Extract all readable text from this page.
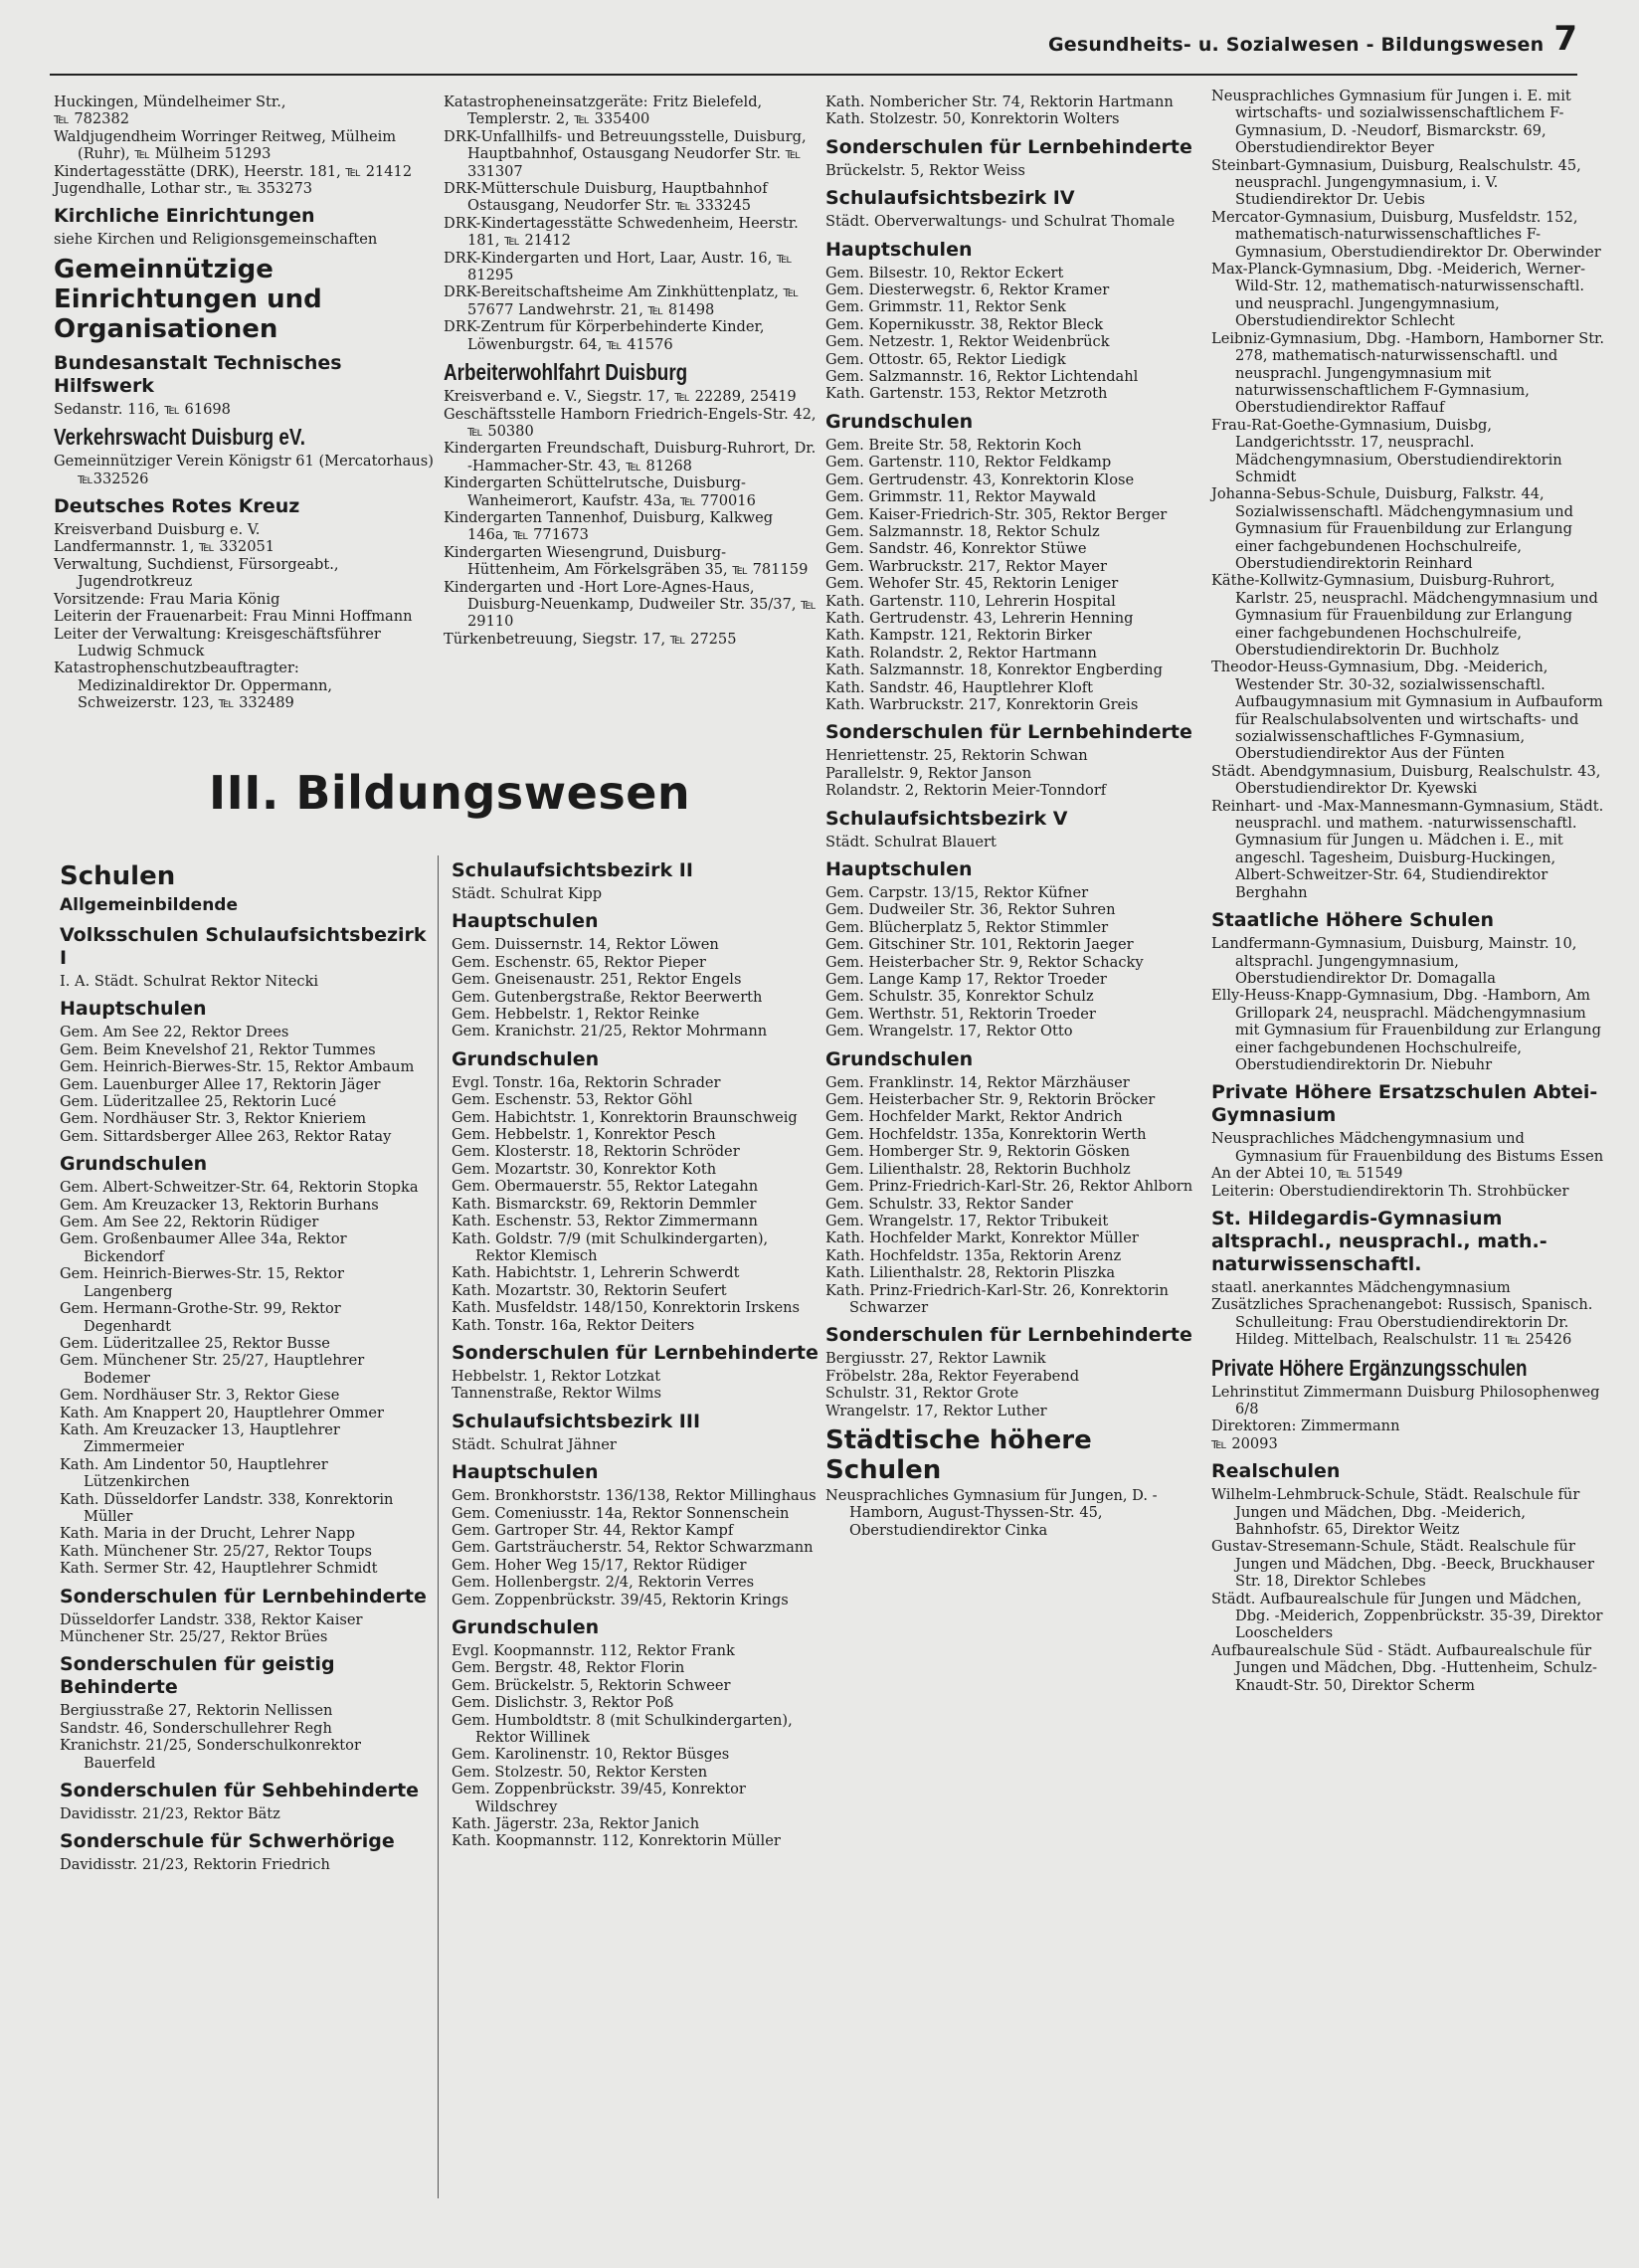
Gesundheits- u. Sozialwesen - Bildungswesen 7
Huckingen, Mündelheimer Str.,
℡ 782382
Waldjugendheim Worringer Reitweg, Mülheim (Ruhr), ℡ Mülheim 51293
Kindertagesstätte (DRK), Heerstr. 181, ℡ 21412
Jugendhalle, Lothar str., ℡ 353273
Kirchliche Einrichtungen
siehe Kirchen und Religionsgemeinschaften
Gemeinnützige Einrichtungen und Organisationen
Bundesanstalt Technisches Hilfswerk
Sedanstr. 116, ℡ 61698
Verkehrswacht Duisburg eV.
Gemeinnütziger Verein Königstr 61 (Mercatorhaus) ℡332526
Deutsches Rotes Kreuz
Kreisverband Duisburg e. V.
Landfermannstr. 1, ℡ 332051
Verwaltung, Suchdienst, Fürsorgeabt., Jugendrotkreuz
Vorsitzende: Frau Maria König
Leiterin der Frauenarbeit: Frau Minni Hoffmann
Leiter der Verwaltung: Kreisgeschäftsführer Ludwig Schmuck
Katastrophenschutzbeauftragter: Medizinaldirektor Dr. Oppermann, Schweizerstr. 123, ℡ 332489
Katastropheneinsatzgeräte: Fritz Bielefeld, Templerstr. 2, ℡ 335400
DRK-Unfallhilfs- und Betreuungsstelle, Duisburg, Hauptbahnhof, Ostausgang Neudorfer Str. ℡ 331307
DRK-Mütterschule Duisburg, Hauptbahnhof Ostausgang, Neudorfer Str. ℡ 333245
DRK-Kindertagesstätte Schwedenheim, Heerstr. 181, ℡ 21412
DRK-Kindergarten und Hort, Laar, Austr. 16, ℡ 81295
DRK-Bereitschaftsheime Am Zinkhüttenplatz, ℡ 57677 Landwehrstr. 21, ℡ 81498
DRK-Zentrum für Körperbehinderte Kinder, Löwenburgstr. 64, ℡ 41576
Arbeiterwohlfahrt Duisburg
Kreisverband e. V., Siegstr. 17, ℡ 22289, 25419
Geschäftsstelle Hamborn Friedrich-Engels-Str. 42, ℡ 50380
Kindergarten Freundschaft, Duisburg-Ruhrort, Dr. -Hammacher-Str. 43, ℡ 81268
Kindergarten Schüttelrutsche, Duisburg-Wanheimerort, Kaufstr. 43a, ℡ 770016
Kindergarten Tannenhof, Duisburg, Kalkweg 146a, ℡ 771673
Kindergarten Wiesengrund, Duisburg-Hüttenheim, Am Förkelsgräben 35, ℡ 781159
Kindergarten und -Hort Lore-Agnes-Haus, Duisburg-Neuenkamp, Dudweiler Str. 35/37, ℡ 29110
Türkenbetreuung, Siegstr. 17, ℡ 27255
Kath. Nombericher Str. 74, Rektorin Hartmann
Kath. Stolzestr. 50, Konrektorin Wolters
Sonderschulen für Lernbehinderte
Brückelstr. 5, Rektor Weiss
Schulaufsichtsbezirk IV
Städt. Oberverwaltungs- und Schulrat Thomale
Hauptschulen
Gem. Bilsestr. 10, Rektor Eckert
Gem. Diesterwegstr. 6, Rektor Kramer
Gem. Grimmstr. 11, Rektor Senk
Gem. Kopernikusstr. 38, Rektor Bleck
Gem. Netzestr. 1, Rektor Weidenbrück
Gem. Ottostr. 65, Rektor Liedigk
Gem. Salzmannstr. 16, Rektor Lichtendahl
Kath. Gartenstr. 153, Rektor Metzroth
Grundschulen
Gem. Breite Str. 58, Rektorin Koch
Gem. Gartenstr. 110, Rektor Feldkamp
Gem. Gertrudenstr. 43, Konrektorin Klose
Gem. Grimmstr. 11, Rektor Maywald
Gem. Kaiser-Friedrich-Str. 305, Rektor Berger
Gem. Salzmannstr. 18, Rektor Schulz
Gem. Sandstr. 46, Konrektor Stüwe
Gem. Warbruckstr. 217, Rektor Mayer
Gem. Wehofer Str. 45, Rektorin Leniger
Kath. Gartenstr. 110, Lehrerin Hospital
Kath. Gertrudenstr. 43, Lehrerin Henning
Kath. Kampstr. 121, Rektorin Birker
Kath. Rolandstr. 2, Rektor Hartmann
Kath. Salzmannstr. 18, Konrektor Engberding
Kath. Sandstr. 46, Hauptlehrer Kloft
Kath. Warbruckstr. 217, Konrektorin Greis
Sonderschulen für Lernbehinderte
Henriettenstr. 25, Rektorin Schwan
Parallelstr. 9, Rektor Janson
Rolandstr. 2, Rektorin Meier-Tonndorf
Schulaufsichtsbezirk V
Städt. Schulrat Blauert
Hauptschulen
Gem. Carpstr. 13/15, Rektor Küfner
Gem. Dudweiler Str. 36, Rektor Suhren
Gem. Blücherplatz 5, Rektor Stimmler
Gem. Gitschiner Str. 101, Rektorin Jaeger
Gem. Heisterbacher Str. 9, Rektor Schacky
Gem. Lange Kamp 17, Rektor Troeder
Gem. Schulstr. 35, Konrektor Schulz
Gem. Werthstr. 51, Rektorin Troeder
Gem. Wrangelstr. 17, Rektor Otto
Grundschulen
Gem. Franklinstr. 14, Rektor Märzhäuser
Gem. Heisterbacher Str. 9, Rektorin Bröcker
Gem. Hochfelder Markt, Rektor Andrich
Gem. Hochfeldstr. 135a, Konrektorin Werth
Gem. Homberger Str. 9, Rektorin Gösken
Gem. Lilienthalstr. 28, Rektorin Buchholz
Gem. Prinz-Friedrich-Karl-Str. 26, Rektor Ahlborn
Gem. Schulstr. 33, Rektor Sander
Gem. Wrangelstr. 17, Rektor Tribukeit
Kath. Hochfelder Markt, Konrektor Müller
Kath. Hochfeldstr. 135a, Rektorin Arenz
Kath. Lilienthalstr. 28, Rektorin Pliszka
Kath. Prinz-Friedrich-Karl-Str. 26, Konrektorin Schwarzer
Sonderschulen für Lernbehinderte
Bergiusstr. 27, Rektor Lawnik
Fröbelstr. 28a, Rektor Feyerabend
Schulstr. 31, Rektor Grote
Wrangelstr. 17, Rektor Luther
Städtische höhere Schulen
Neusprachliches Gymnasium für Jungen, D. -Hamborn, August-Thyssen-Str. 45, Oberstudiendirektor Cinka
Neusprachliches Gymnasium für Jungen i. E. mit wirtschafts- und sozialwissenschaftlichem F-Gymnasium, D. -Neudorf, Bismarckstr. 69, Oberstudiendirektor Beyer
Steinbart-Gymnasium, Duisburg, Realschulstr. 45, neusprachl. Jungengymnasium, i. V. Studiendirektor Dr. Uebis
Mercator-Gymnasium, Duisburg, Musfeldstr. 152, mathematisch-naturwissenschaftliches F-Gymnasium, Oberstudiendirektor Dr. Oberwinder
Max-Planck-Gymnasium, Dbg. -Meiderich, Werner-Wild-Str. 12, mathematisch-naturwissenschaftl. und neusprachl. Jungengymnasium, Oberstudiendirektor Schlecht
Leibniz-Gymnasium, Dbg. -Hamborn, Hamborner Str. 278, mathematisch-naturwissenschaftl. und neusprachl. Jungengymnasium mit naturwissenschaftlichem F-Gymnasium, Oberstudiendirektor Raffauf
Frau-Rat-Goethe-Gymnasium, Duisbg, Landgerichtsstr. 17, neusprachl. Mädchengymnasium, Oberstudiendirektorin Schmidt
Johanna-Sebus-Schule, Duisburg, Falkstr. 44, Sozialwissenschaftl. Mädchengymnasium und Gymnasium für Frauenbildung zur Erlangung einer fachgebundenen Hochschulreife, Oberstudiendirektorin Reinhard
Käthe-Kollwitz-Gymnasium, Duisburg-Ruhrort, Karlstr. 25, neusprachl. Mädchengymnasium und Gymnasium für Frauenbildung zur Erlangung einer fachgebundenen Hochschulreife, Oberstudiendirektorin Dr. Buchholz
Theodor-Heuss-Gymnasium, Dbg. -Meiderich, Westender Str. 30-32, sozialwissenschaftl. Aufbaugymnasium mit Gymnasium in Aufbauform für Realschulabsolventen und wirtschafts- und sozialwissenschaftliches F-Gymnasium, Oberstudiendirektor Aus der Fünten
Städt. Abendgymnasium, Duisburg, Realschulstr. 43, Oberstudiendirektor Dr. Kyewski
Reinhart- und -Max-Mannesmann-Gymnasium, Städt. neusprachl. und mathem. -naturwissenschaftl. Gymnasium für Jungen u. Mädchen i. E., mit angeschl. Tagesheim, Duisburg-Huckingen, Albert-Schweitzer-Str. 64, Studiendirektor Berghahn
Staatliche Höhere Schulen
Landfermann-Gymnasium, Duisburg, Mainstr. 10, altsprachl. Jungengymnasium, Oberstudiendirektor Dr. Domagalla
Elly-Heuss-Knapp-Gymnasium, Dbg. -Hamborn, Am Grillopark 24, neusprachl. Mädchengymnasium mit Gymnasium für Frauenbildung zur Erlangung einer fachgebundenen Hochschulreife, Oberstudiendirektorin Dr. Niebuhr
Private Höhere Ersatzschulen Abtei-Gymnasium
Neusprachliches Mädchengymnasium und Gymnasium für Frauenbildung des Bistums Essen
An der Abtei 10, ℡ 51549
Leiterin: Oberstudiendirektorin Th. Strohbücker
St. Hildegardis-Gymnasium altsprachl., neusprachl., math.-naturwissenschaftl.
staatl. anerkanntes Mädchengymnasium
Zusätzliches Sprachenangebot: Russisch, Spanisch. Schulleitung: Frau Oberstudiendirektorin Dr. Hildeg. Mittelbach, Realschulstr. 11 ℡ 25426
Private Höhere Ergänzungsschulen
Lehrinstitut Zimmermann Duisburg Philosophenweg 6/8
Direktoren: Zimmermann
℡ 20093
Realschulen
Wilhelm-Lehmbruck-Schule, Städt. Realschule für Jungen und Mädchen, Dbg. -Meiderich, Bahnhofstr. 65, Direktor Weitz
Gustav-Stresemann-Schule, Städt. Realschule für Jungen und Mädchen, Dbg. -Beeck, Bruckhauser Str. 18, Direktor Schlebes
Städt. Aufbaurealschule für Jungen und Mädchen, Dbg. -Meiderich, Zoppenbrückstr. 35-39, Direktor Looschelders
Aufbaurealschule Süd - Städt. Aufbaurealschule für Jungen und Mädchen, Dbg. -Huttenheim, Schulz-Knaudt-Str. 50, Direktor Scherm
III. Bildungswesen
Schulen
Allgemeinbildende
Volksschulen Schulaufsichtsbezirk I
I. A. Städt. Schulrat Rektor Nitecki
Hauptschulen
Gem. Am See 22, Rektor Drees
Gem. Beim Knevelshof 21, Rektor Tummes
Gem. Heinrich-Bierwes-Str. 15, Rektor Ambaum
Gem. Lauenburger Allee 17, Rektorin Jäger
Gem. Lüderitzallee 25, Rektorin Lucé
Gem. Nordhäuser Str. 3, Rektor Knieriem
Gem. Sittardsberger Allee 263, Rektor Ratay
Grundschulen
Gem. Albert-Schweitzer-Str. 64, Rektorin Stopka
Gem. Am Kreuzacker 13, Rektorin Burhans
Gem. Am See 22, Rektorin Rüdiger
Gem. Großenbaumer Allee 34a, Rektor Bickendorf
Gem. Heinrich-Bierwes-Str. 15, Rektor Langenberg
Gem. Hermann-Grothe-Str. 99, Rektor Degenhardt
Gem. Lüderitzallee 25, Rektor Busse
Gem. Münchener Str. 25/27, Hauptlehrer Bodemer
Gem. Nordhäuser Str. 3, Rektor Giese
Kath. Am Knappert 20, Hauptlehrer Ommer
Kath. Am Kreuzacker 13, Hauptlehrer Zimmermeier
Kath. Am Lindentor 50, Hauptlehrer Lützenkirchen
Kath. Düsseldorfer Landstr. 338, Konrektorin Müller
Kath. Maria in der Drucht, Lehrer Napp
Kath. Münchener Str. 25/27, Rektor Toups
Kath. Sermer Str. 42, Hauptlehrer Schmidt
Sonderschulen für Lernbehinderte
Düsseldorfer Landstr. 338, Rektor Kaiser
Münchener Str. 25/27, Rektor Brües
Sonderschulen für geistig Behinderte
Bergiusstraße 27, Rektorin Nellissen
Sandstr. 46, Sonderschullehrer Regh
Kranichstr. 21/25, Sonderschulkonrektor Bauerfeld
Sonderschulen für Sehbehinderte
Davidisstr. 21/23, Rektor Bätz
Sonderschule für Schwerhörige
Davidisstr. 21/23, Rektorin Friedrich
Schulaufsichtsbezirk II
Städt. Schulrat Kipp
Hauptschulen
Gem. Duissernstr. 14, Rektor Löwen
Gem. Eschenstr. 65, Rektor Pieper
Gem. Gneisenaustr. 251, Rektor Engels
Gem. Gutenbergstraße, Rektor Beerwerth
Gem. Hebbelstr. 1, Rektor Reinke
Gem. Kranichstr. 21/25, Rektor Mohrmann
Grundschulen
Evgl. Tonstr. 16a, Rektorin Schrader
Gem. Eschenstr. 53, Rektor Göhl
Gem. Habichtstr. 1, Konrektorin Braunschweig
Gem. Hebbelstr. 1, Konrektor Pesch
Gem. Klosterstr. 18, Rektorin Schröder
Gem. Mozartstr. 30, Konrektor Koth
Gem. Obermauerstr. 55, Rektor Lategahn
Kath. Bismarckstr. 69, Rektorin Demmler
Kath. Eschenstr. 53, Rektor Zimmermann
Kath. Goldstr. 7/9 (mit Schulkindergarten), Rektor Klemisch
Kath. Habichtstr. 1, Lehrerin Schwerdt
Kath. Mozartstr. 30, Rektorin Seufert
Kath. Musfeldstr. 148/150, Konrektorin Irskens
Kath. Tonstr. 16a, Rektor Deiters
Sonderschulen für Lernbehinderte
Hebbelstr. 1, Rektor Lotzkat
Tannenstraße, Rektor Wilms
Schulaufsichtsbezirk III
Städt. Schulrat Jähner
Hauptschulen
Gem. Bronkhorststr. 136/138, Rektor Millinghaus
Gem. Comeniusstr. 14a, Rektor Sonnenschein
Gem. Gartroper Str. 44, Rektor Kampf
Gem. Gartsträucherstr. 54, Rektor Schwarzmann
Gem. Hoher Weg 15/17, Rektor Rüdiger
Gem. Hollenbergstr. 2/4, Rektorin Verres
Gem. Zoppenbrückstr. 39/45, Rektorin Krings
Grundschulen
Evgl. Koopmannstr. 112, Rektor Frank
Gem. Bergstr. 48, Rektor Florin
Gem. Brückelstr. 5, Rektorin Schweer
Gem. Dislichstr. 3, Rektor Poß
Gem. Humboldtstr. 8 (mit Schulkindergarten), Rektor Willinek
Gem. Karolinenstr. 10, Rektor Büsges
Gem. Stolzestr. 50, Rektor Kersten
Gem. Zoppenbrückstr. 39/45, Konrektor Wildschrey
Kath. Jägerstr. 23a, Rektor Janich
Kath. Koopmannstr. 112, Konrektorin Müller
